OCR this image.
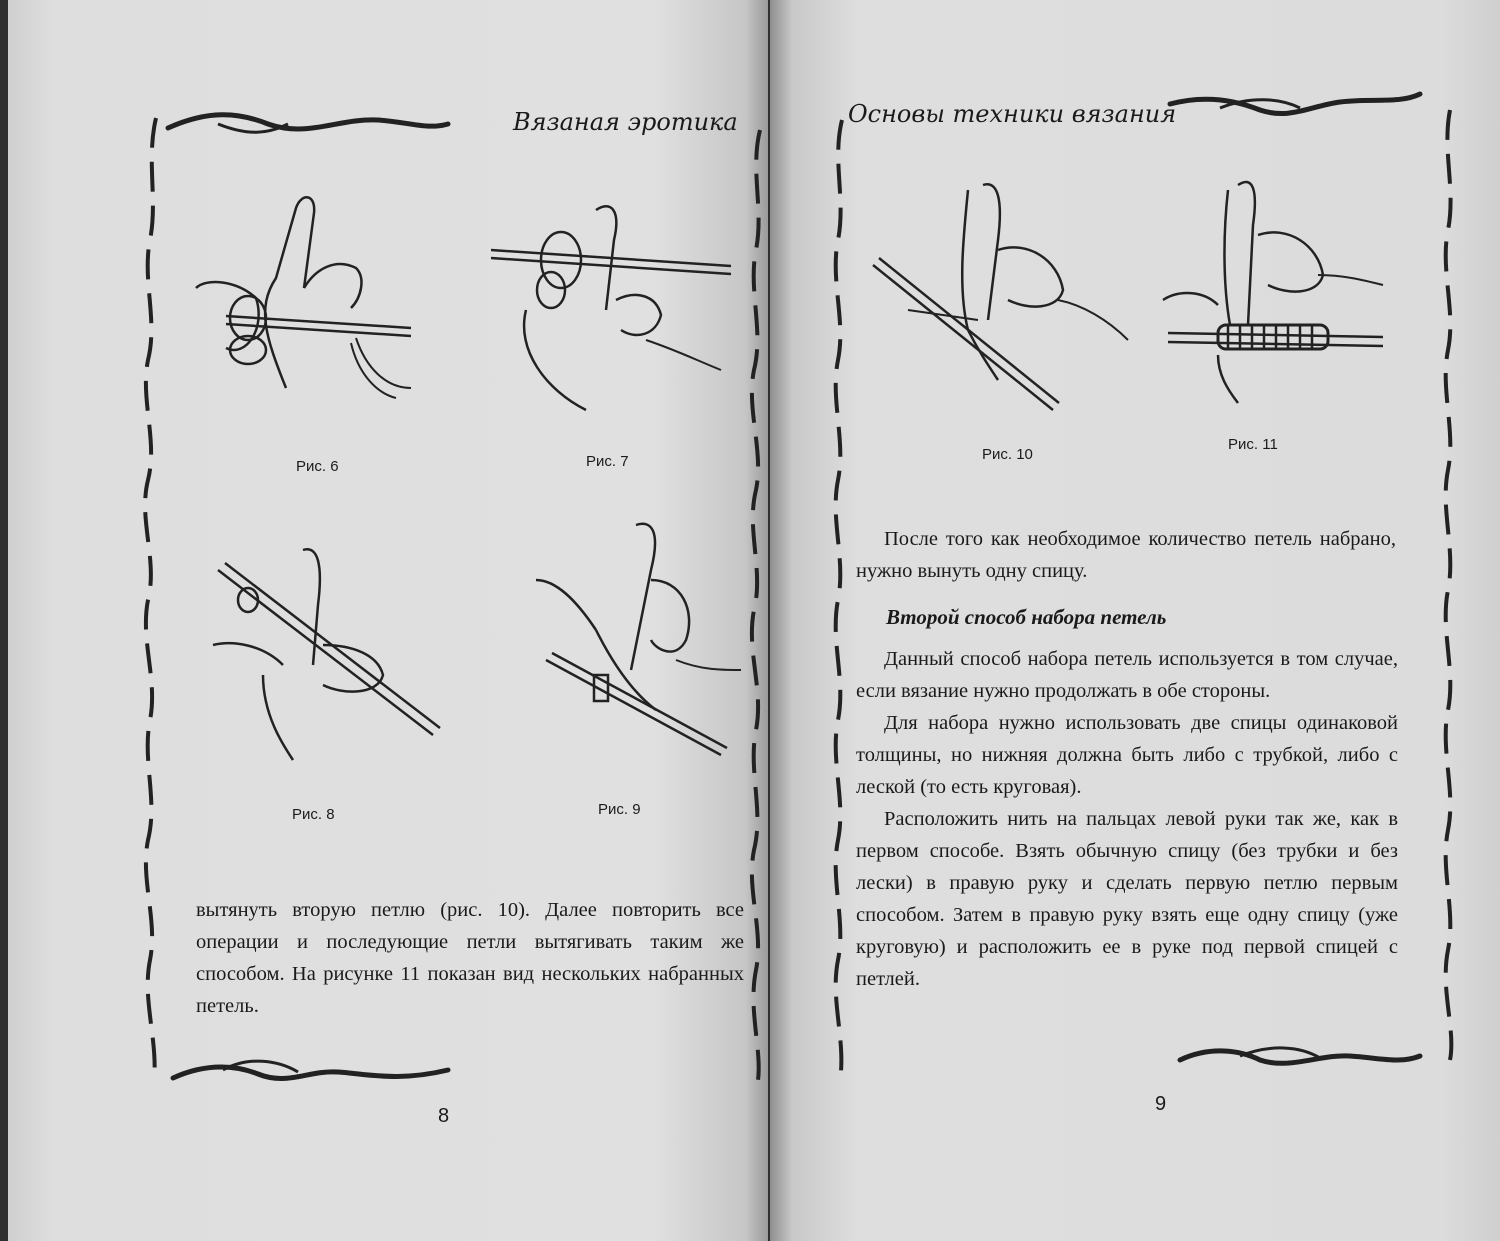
Вязаная эротика
Рис. 6	Рис. 7
Рис. 8	Рис. 9

вытянуть вторую петлю (рис. 10). Далее повторить все операции и последующие петли вытягивать таким же способом. На рисунке 11 показан вид нескольких набранных петель.

8
Основы техники вязания
Рис. 10
Рис. 11

После того как необходимое количество петель набрано, нужно вынуть одну спицу.

Второй способ набора петель

Данный способ набора петель используется в том случае, если вязание нужно продолжать в обе стороны.

Для набора нужно использовать две спицы одинаковой толщины, но нижняя должна быть либо с трубкой, либо с леской (то есть круговая).

Расположить нить на пальцах левой руки так же, как в первом способе. Взять обычную спицу (без трубки и без лески) в правую руку и сделать первую петлю первым способом. Затем в правую руку взять еще одну спицу (уже круговую) и расположить ее в руке под первой спицей с петлей.

9
